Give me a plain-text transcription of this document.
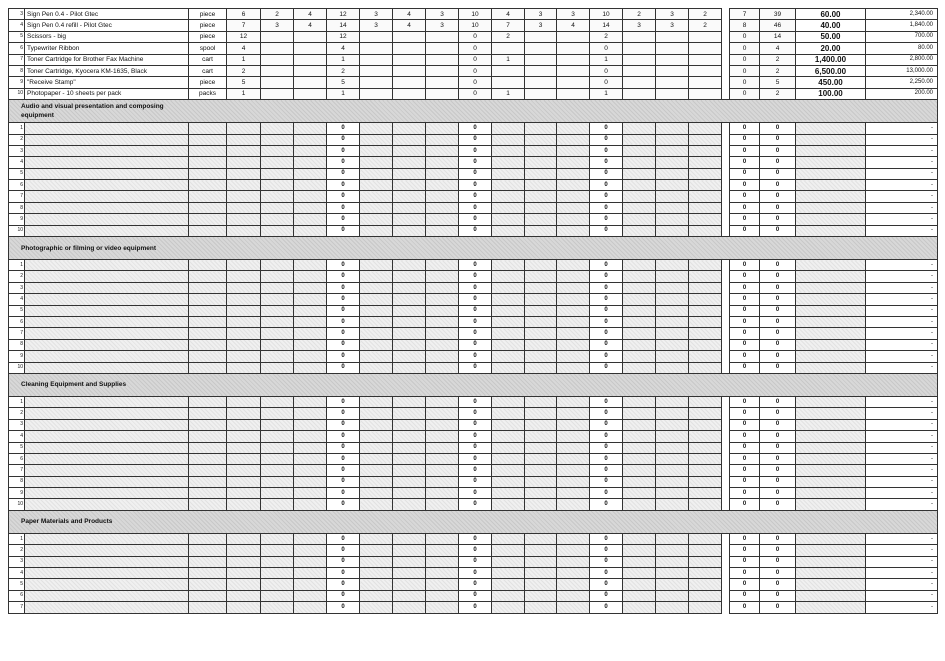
3	Sign Pen 0.4 - Pilot Gtec	piece	6	2	4	12	3	4	3	10	4	3	3	10	2	3	2		7	39	60.00	2,340.00
4	Sign Pen 0.4 refill - Pilot Gtec	piece	7	3	4	14	3	4	3	10	7	3	4	14	3	3	2		8	46	40.00	1,840.00
5	Scissors - big	piece	12			12				0	2			2					0	14	50.00	700.00
6	Typewriter Ribbon	spool	4			4				0				0					0	4	20.00	80.00
7	Toner Cartridge for Brother Fax Machine	cart	1			1				0	1			1					0	2	1,400.00	2,800.00
8	Toner Cartridge, Kyocera KM-1635, Black	cart	2			2				0				0					0	2	6,500.00	13,000.00
9	"Receive Stamp"	piece	5			5				0				0					0	5	450.00	2,250.00
10	Photopaper - 10 sheets per pack	packs	1			1				0	1			1					0	2	100.00	200.00
Audio and visual presentation and composing equipment																						
1						0				0				0					0	0		-
2						0				0				0					0	0		-
3						0				0				0					0	0		-
4						0				0				0					0	0		-
5						0				0				0					0	0		-
6						0				0				0					0	0		-
7						0				0				0					0	0		-
8						0				0				0					0	0		-
9						0				0				0					0	0		-
10						0				0				0					0	0		-
Photographic or filming or video equipment																						
1						0				0				0					0	0		-
2						0				0				0					0	0		-
3						0				0				0					0	0		-
4						0				0				0					0	0		-
5						0				0				0					0	0		-
6						0				0				0					0	0		-
7						0				0				0					0	0		-
8						0				0				0					0	0		-
9						0				0				0					0	0		-
10						0				0				0					0	0		-
Cleaning Equipment and Supplies																						
1						0				0				0					0	0		-
2						0				0				0					0	0		-
3						0				0				0					0	0		-
4						0				0				0					0	0		-
5						0				0				0					0	0		-
6						0				0				0					0	0		-
7						0				0				0					0	0		-
8						0				0				0					0	0		-
9						0				0				0					0	0		-
10						0				0				0					0	0		-
Paper Materials and Products																						
1						0				0				0					0	0		-
2						0				0				0					0	0		-
3						0				0				0					0	0		-
4						0				0				0					0	0		-
5						0				0				0					0	0		-
6						0				0				0					0	0		-
7						0				0				0					0	0		-
